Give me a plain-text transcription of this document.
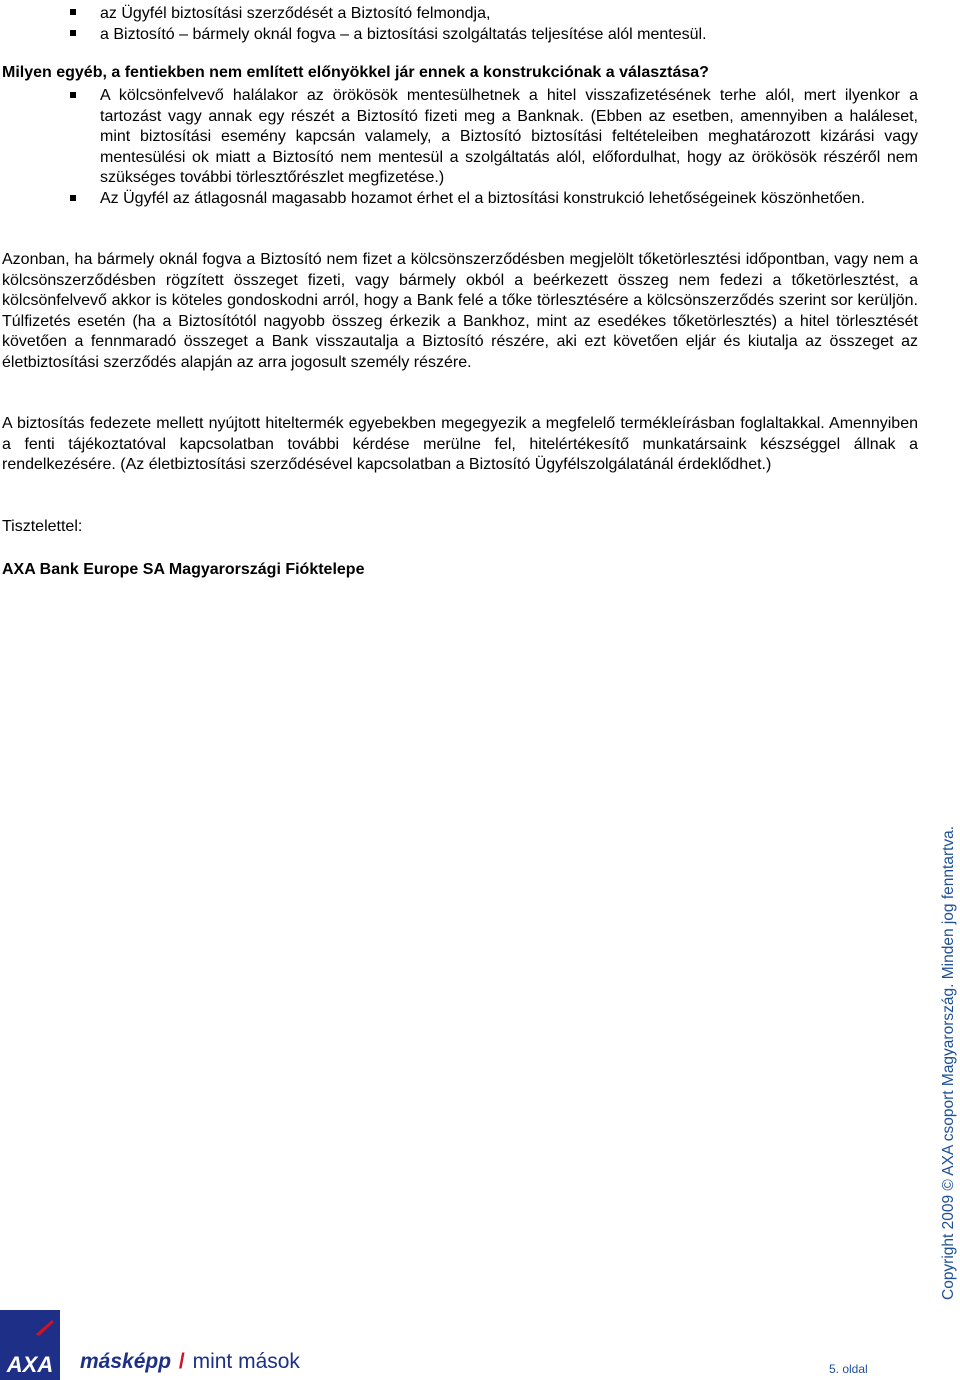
az Ügyfél biztosítási szerződését a Biztosító felmondja,
a Biztosító – bármely oknál fogva – a biztosítási szolgáltatás teljesítése alól mentesül.
Milyen egyéb, a fentiekben nem említett előnyökkel jár ennek a konstrukciónak a választása?
A kölcsönfelvevő halálakor az örökösök mentesülhetnek a hitel visszafizetésének terhe alól, mert ilyenkor a tartozást vagy annak egy részét a Biztosító fizeti meg a Banknak. (Ebben az esetben, amennyiben a haláleset, mint biztosítási esemény kapcsán valamely, a Biztosító biztosítási feltételeiben meghatározott kizárási vagy mentesülési ok miatt a Biztosító nem mentesül a szolgáltatás alól, előfordulhat, hogy az örökösök részéről nem szükséges további törlesztőrészlet megfizetése.)
Az Ügyfél az átlagosnál magasabb hozamot érhet el a biztosítási konstrukció lehetőségeinek köszönhetően.

Azonban, ha bármely oknál fogva a Biztosító nem fizet a kölcsönszerződésben megjelölt tőketörlesztési időpontban, vagy nem a kölcsönszerződésben rögzített összeget fizeti, vagy bármely okból a beérkezett összeg nem fedezi a tőketörlesztést, a kölcsönfelvevő akkor is köteles gondoskodni arról, hogy a Bank felé a tőke törlesztésére a kölcsönszerződés szerint sor kerüljön. Túlfizetés esetén (ha a Biztosítótól nagyobb összeg érkezik a Bankhoz, mint az esedékes tőketörlesztés) a hitel törlesztését követően a fennmaradó összeget a Bank visszautalja a Biztosító részére, aki ezt követően eljár és kiutalja az összeget az életbiztosítási szerződés alapján az arra jogosult személy részére.

A biztosítás fedezete mellett nyújtott hiteltermék egyebekben megegyezik a megfelelő termékleírásban foglaltakkal. Amennyiben a fenti tájékoztatóval kapcsolatban további kérdése merülne fel, hitelértékesítő munkatársaink készséggel állnak a rendelkezésére. (Az életbiztosítási szerződésével kapcsolatban a Biztosító Ügyfélszolgálatánál érdeklődhet.)

Tisztelettel:
AXA Bank Europe SA Magyarországi Fióktelepe
Copyright 2009 © AXA csoport Magyarország. Minden jog fenntartva.
AXA másképp / mint mások	5. oldal
